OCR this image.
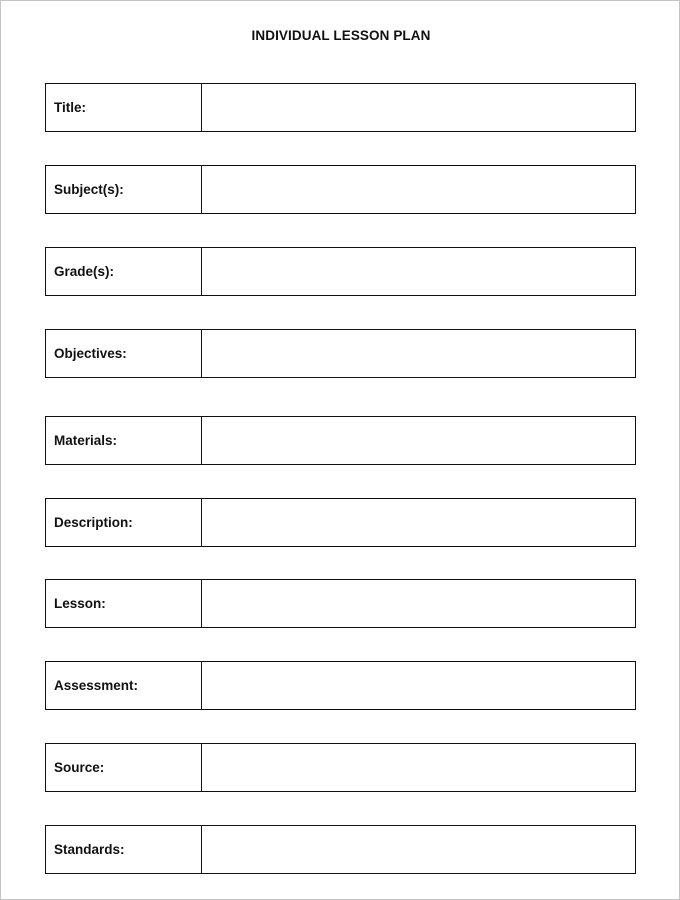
INDIVIDUAL LESSON PLAN
Title:
Subject(s):
Grade(s):
Objectives:
Materials:
Description:
Lesson:
Assessment:
Source:
Standards:
